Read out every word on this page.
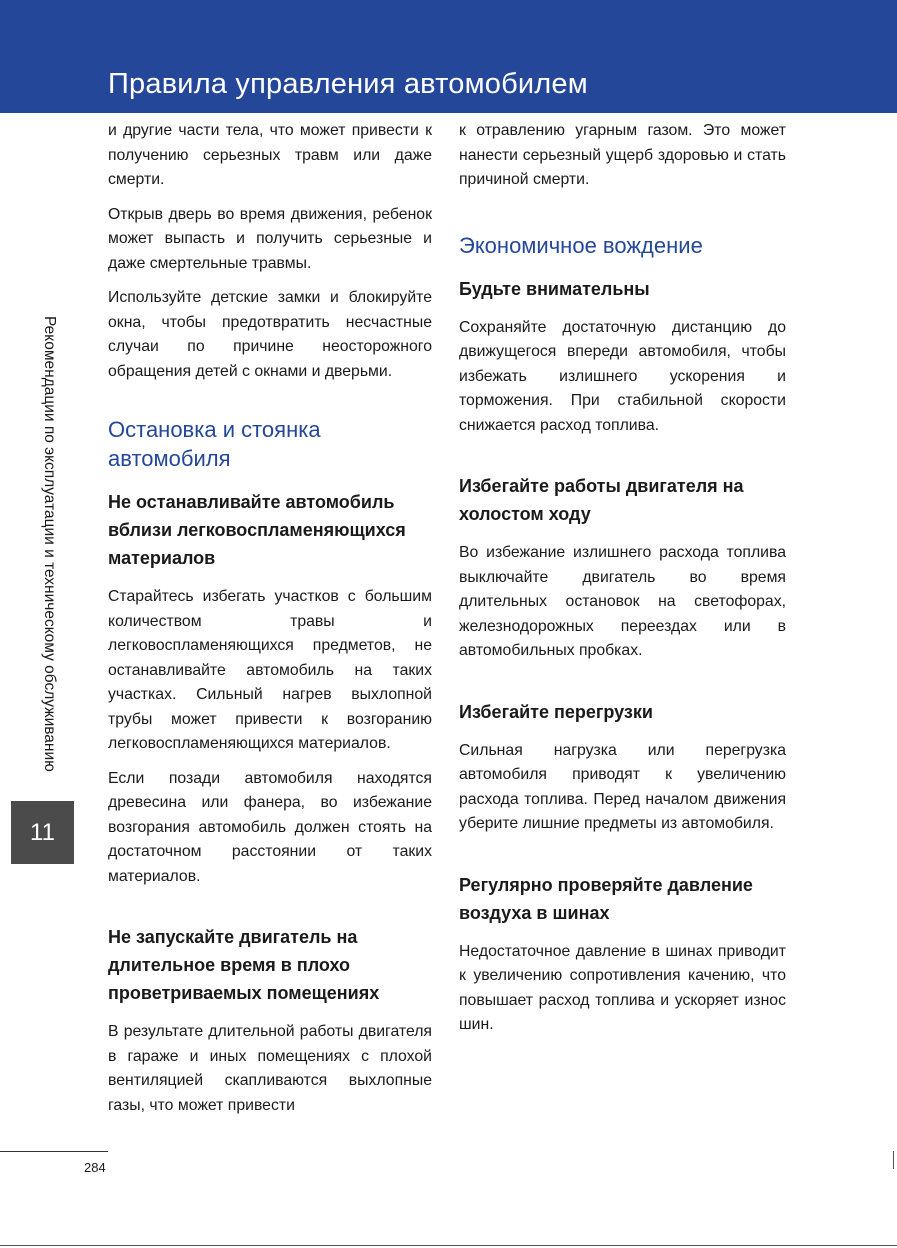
Правила управления автомобилем
Рекомендации по эксплуатации и техническому обслуживанию
11

и другие части тела, что может привести к получению серьезных травм или даже смерти.

Открыв дверь во время движения, ребенок может выпасть и получить серьезные и даже смертельные травмы.

Используйте детские замки и блокируйте окна, чтобы предотвратить несчастные случаи по причине неосторожного обращения детей с окнами и дверьми.

Остановка и стоянка автомобиля
Не останавливайте автомобиль вблизи легковоспламеняющихся материалов

Старайтесь избегать участков с большим количеством травы и легковоспламеняющихся предметов, не останавливайте автомобиль на таких участках. Сильный нагрев выхлопной трубы может привести к возгоранию легковоспламеняющихся материалов.

Если позади автомобиля находятся древесина или фанера, во избежание возгорания автомобиль должен стоять на достаточном расстоянии от таких материалов.

Не запускайте двигатель на длительное время в плохо проветриваемых помещениях

В результате длительной работы двигателя в гараже и иных помещениях с плохой вентиляцией скапливаются выхлопные газы, что может привести

к отравлению угарным газом. Это может нанести серьезный ущерб здоровью и стать причиной смерти.

Экономичное вождение
Будьте внимательны

Сохраняйте достаточную дистанцию до движущегося впереди автомобиля, чтобы избежать излишнего ускорения и торможения. При стабильной скорости снижается расход топлива.

Избегайте работы двигателя на холостом ходу

Во избежание излишнего расхода топлива выключайте двигатель во время длительных остановок на светофорах, железнодорожных переездах или в автомобильных пробках.

Избегайте перегрузки

Сильная нагрузка или перегрузка автомобиля приводят к увеличению расхода топлива. Перед началом движения уберите лишние предметы из автомобиля.

Регулярно проверяйте давление воздуха в шинах

Недостаточное давление в шинах приводит к увеличению сопротивления качению, что повышает расход топлива и ускоряет износ шин.

284
